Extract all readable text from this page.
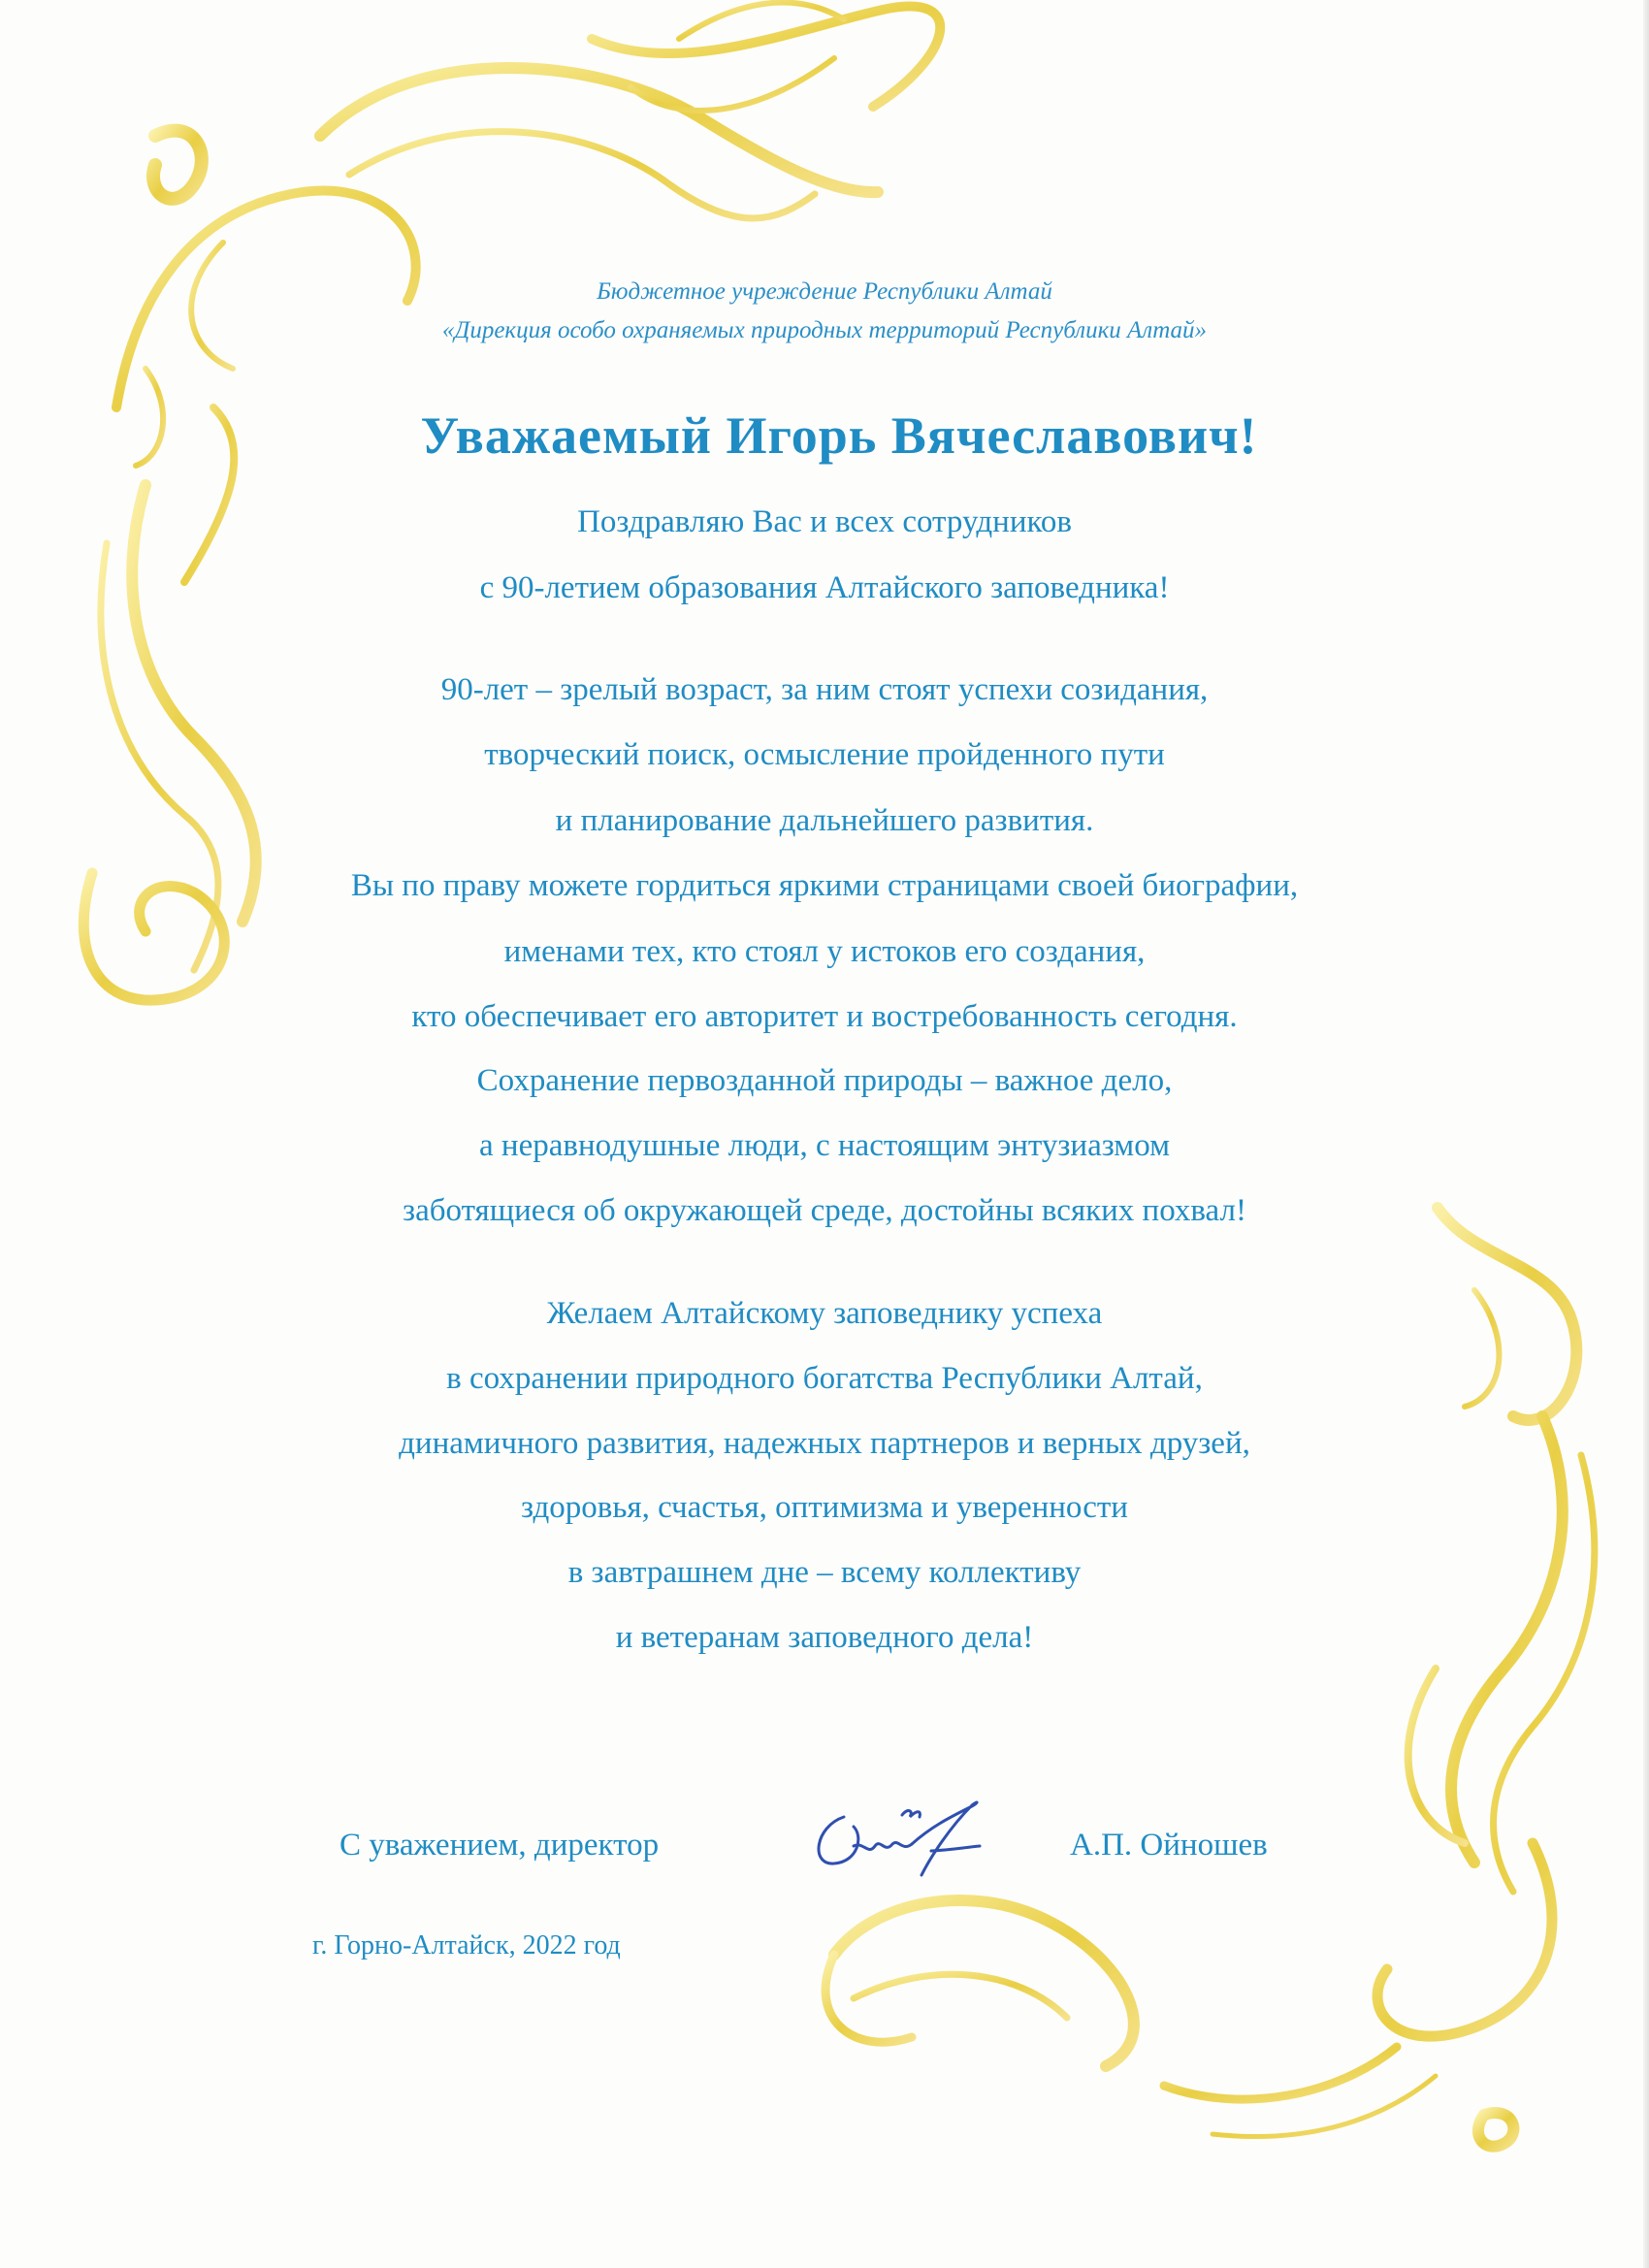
Бюджетное учреждение Республики Алтай
«Дирекция особо охраняемых природных территорий Республики Алтай»
Уважаемый Игорь Вячеславович!
Поздравляю Вас и всех сотрудников
с 90-летием образования Алтайского заповедника!
90-лет – зрелый возраст, за ним стоят успехи созидания,
творческий поиск, осмысление пройденного пути
и планирование дальнейшего развития.
Вы по праву можете гордиться яркими страницами своей биографии,
именами тех, кто стоял у истоков его создания,
кто обеспечивает его авторитет и востребованность сегодня.
Сохранение первозданной природы – важное дело,
а неравнодушные люди, с настоящим энтузиазмом
заботящиеся об окружающей среде, достойны всяких похвал!
Желаем Алтайскому заповеднику успеха
в сохранении природного богатства Республики Алтай,
динамичного развития, надежных партнеров и верных друзей,
здоровья, счастья, оптимизма и уверенности
в завтрашнем дне – всему коллективу
и ветеранам заповедного дела!
С уважением, директор	А.П. Ойношев
г. Горно-Алтайск, 2022 год
